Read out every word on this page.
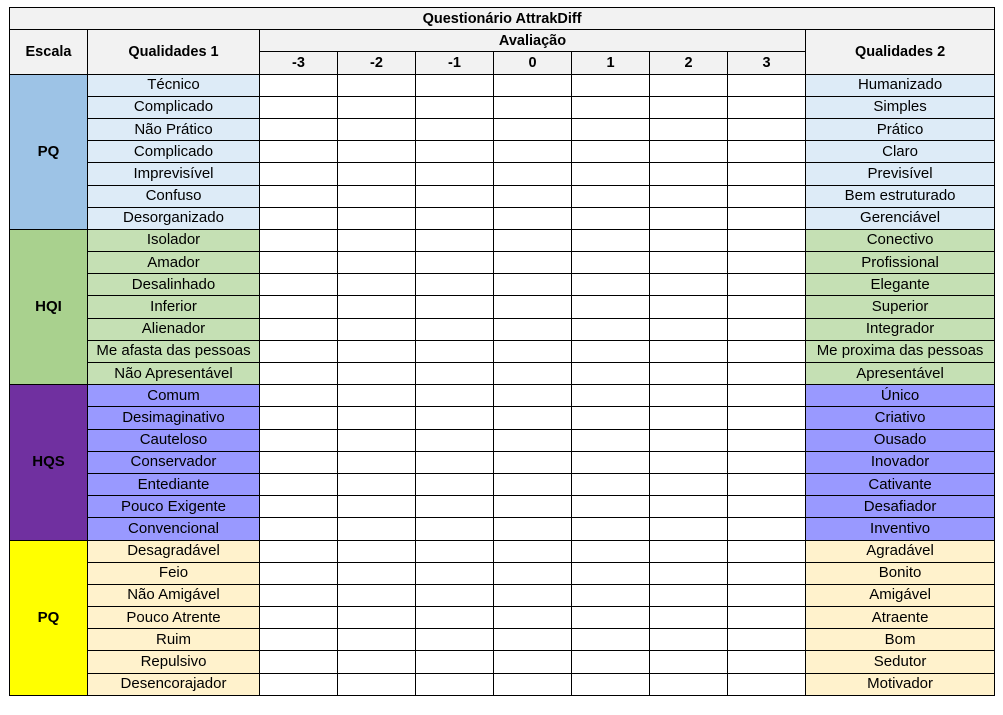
Questionário AttrakDiff									
Escala	Qualidades 1	Avaliação							Qualidades 2
		-3	-2	-1	0	1	2	3	
PQ	Técnico								Humanizado
	Complicado								Simples
	Não Prático								Prático
	Complicado								Claro
	Imprevisível								Previsível
	Confuso								Bem estruturado
	Desorganizado								Gerenciável
HQI	Isolador								Conectivo
	Amador								Profissional
	Desalinhado								Elegante
	Inferior								Superior
	Alienador								Integrador
	Me afasta das pessoas								Me proxima das pessoas
	Não Apresentável								Apresentável
HQS	Comum								Único
	Desimaginativo								Criativo
	Cauteloso								Ousado
	Conservador								Inovador
	Entediante								Cativante
	Pouco Exigente								Desafiador
	Convencional								Inventivo
PQ	Desagradável								Agradável
	Feio								Bonito
	Não Amigável								Amigável
	Pouco Atrente								Atraente
	Ruim								Bom
	Repulsivo								Sedutor
	Desencorajador								Motivador
